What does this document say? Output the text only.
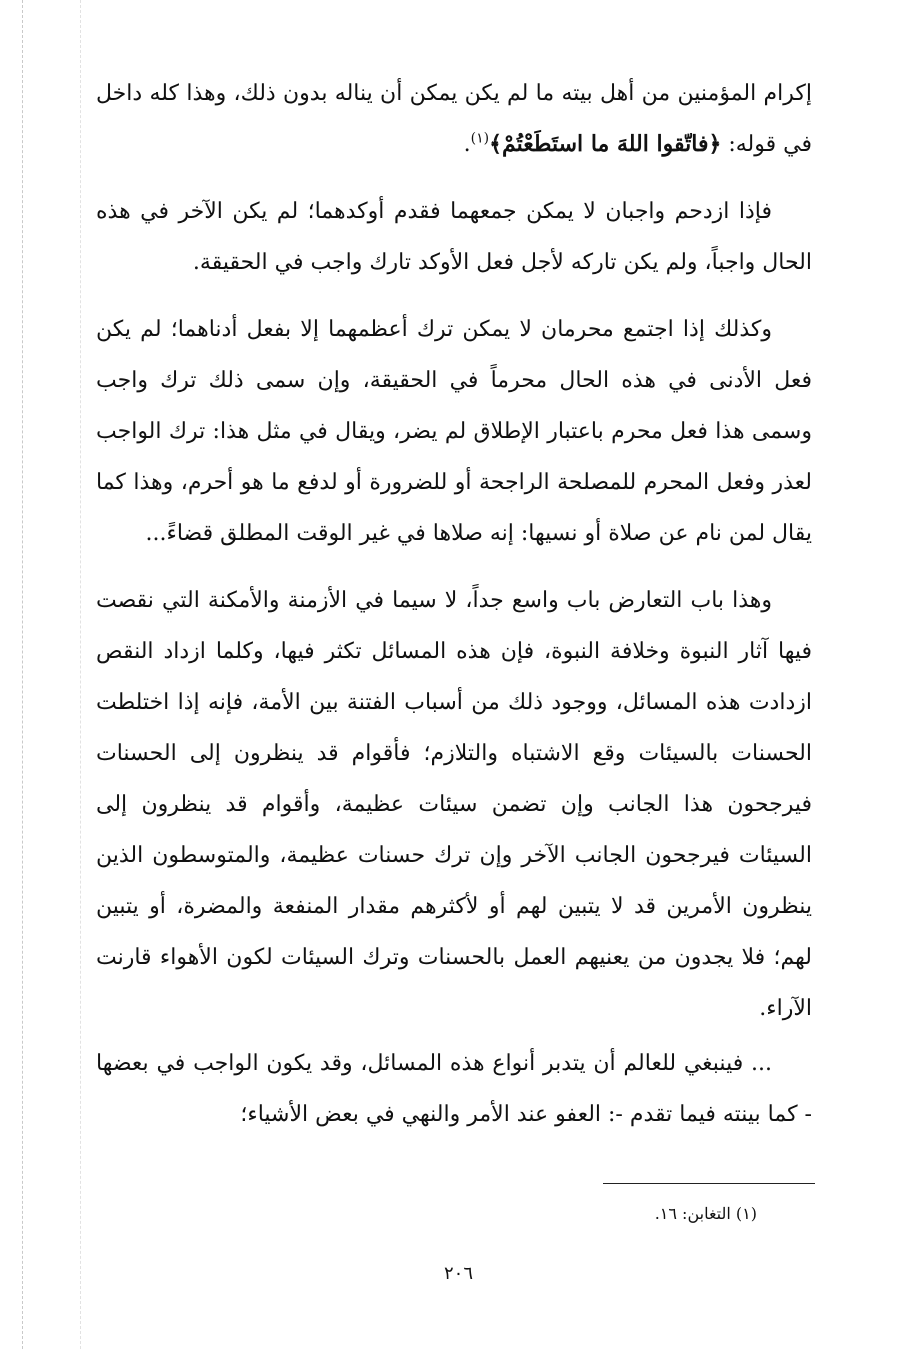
إكرام المؤمنين من أهل بيته ما لم يكن يمكن أن يناله بدون ذلك، وهذا كله داخل في قوله: ﴿فاتّقوا اللهَ ما استَطَعْتُمْ﴾$^{(١)}$.

فإذا ازدحم واجبان لا يمكن جمعهما فقدم أوكدهما؛ لم يكن الآخر في هذه الحال واجباً، ولم يكن تاركه لأجل فعل الأوكد تارك واجب في الحقيقة.

وكذلك إذا اجتمع محرمان لا يمكن ترك أعظمهما إلا بفعل أدناهما؛ لم يكن فعل الأدنى في هذه الحال محرماً في الحقيقة، وإن سمى ذلك ترك واجب وسمى هذا فعل محرم باعتبار الإطلاق لم يضر، ويقال في مثل هذا: ترك الواجب لعذر وفعل المحرم للمصلحة الراجحة أو للضرورة أو لدفع ما هو أحرم، وهذا كما يقال لمن نام عن صلاة أو نسيها: إنه صلاها في غير الوقت المطلق قضاءً...

وهذا باب التعارض باب واسع جداً، لا سيما في الأزمنة والأمكنة التي نقصت فيها آثار النبوة وخلافة النبوة، فإن هذه المسائل تكثر فيها، وكلما ازداد النقص ازدادت هذه المسائل، ووجود ذلك من أسباب الفتنة بين الأمة، فإنه إذا اختلطت الحسنات بالسيئات وقع الاشتباه والتلازم؛ فأقوام قد ينظرون إلى الحسنات فيرجحون هذا الجانب وإن تضمن سيئات عظيمة، وأقوام قد ينظرون إلى السيئات فيرجحون الجانب الآخر وإن ترك حسنات عظيمة، والمتوسطون الذين ينظرون الأمرين قد لا يتبين لهم أو لأكثرهم مقدار المنفعة والمضرة، أو يتبين لهم؛ فلا يجدون من يعنيهم العمل بالحسنات وترك السيئات لكون الأهواء قارنت الآراء.

... فينبغي للعالم أن يتدبر أنواع هذه المسائل، وقد يكون الواجب في بعضها - كما بينته فيما تقدم -: العفو عند الأمر والنهي في بعض الأشياء؛

(١) التغابن: ١٦.
٢٠٦
